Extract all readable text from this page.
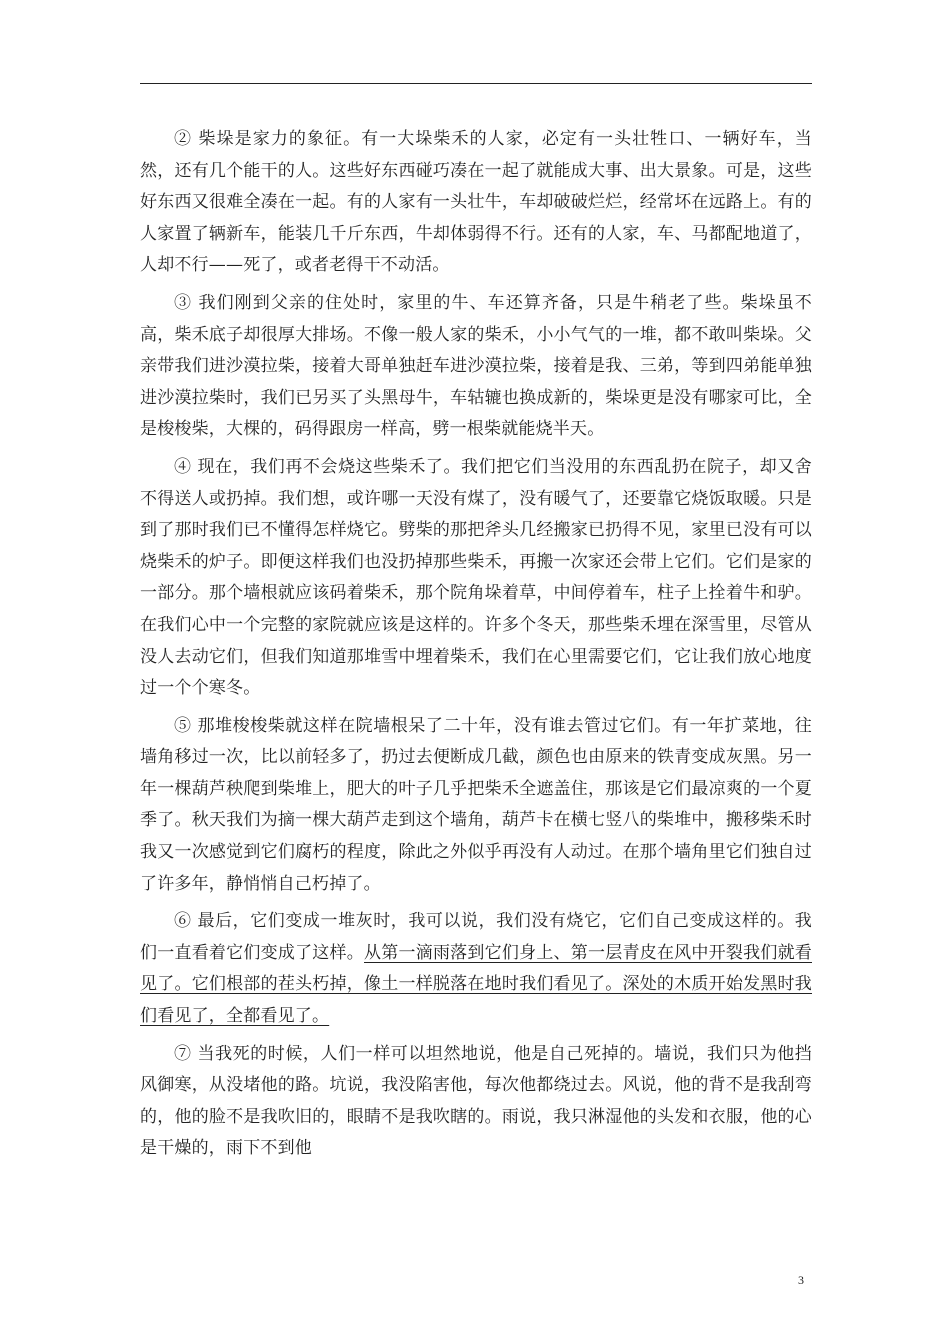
② 柴垛是家力的象征。有一大垛柴禾的人家，必定有一头壮牲口、一辆好车，当然，还有几个能干的人。这些好东西碰巧凑在一起了就能成大事、出大景象。可是，这些好东西又很难全凑在一起。有的人家有一头壮牛，车却破破烂烂，经常坏在远路上。有的人家置了辆新车，能装几千斤东西，牛却体弱得不行。还有的人家，车、马都配地道了，人却不行——死了，或者老得干不动活。

③ 我们刚到父亲的住处时，家里的牛、车还算齐备，只是牛稍老了些。柴垛虽不高，柴禾底子却很厚大排场。不像一般人家的柴禾，小小气气的一堆，都不敢叫柴垛。父亲带我们进沙漠拉柴，接着大哥单独赶车进沙漠拉柴，接着是我、三弟，等到四弟能单独进沙漠拉柴时，我们已另买了头黑母牛，车轱辘也换成新的，柴垛更是没有哪家可比，全是梭梭柴，大棵的，码得跟房一样高，劈一根柴就能烧半天。

④ 现在，我们再不会烧这些柴禾了。我们把它们当没用的东西乱扔在院子，却又舍不得送人或扔掉。我们想，或许哪一天没有煤了，没有暖气了，还要靠它烧饭取暖。只是到了那时我们已不懂得怎样烧它。劈柴的那把斧头几经搬家已扔得不见，家里已没有可以烧柴禾的炉子。即便这样我们也没扔掉那些柴禾，再搬一次家还会带上它们。它们是家的一部分。那个墙根就应该码着柴禾，那个院角垛着草，中间停着车，柱子上拴着牛和驴。在我们心中一个完整的家院就应该是这样的。许多个冬天，那些柴禾埋在深雪里，尽管从没人去动它们，但我们知道那堆雪中埋着柴禾，我们在心里需要它们，它让我们放心地度过一个个寒冬。

⑤ 那堆梭梭柴就这样在院墙根呆了二十年，没有谁去管过它们。有一年扩菜地，往墙角移过一次，比以前轻多了，扔过去便断成几截，颜色也由原来的铁青变成灰黑。另一年一棵葫芦秧爬到柴堆上，肥大的叶子几乎把柴禾全遮盖住，那该是它们最凉爽的一个夏季了。秋天我们为摘一棵大葫芦走到这个墙角，葫芦卡在横七竖八的柴堆中，搬移柴禾时我又一次感觉到它们腐朽的程度，除此之外似乎再没有人动过。在那个墙角里它们独自过了许多年，静悄悄自己朽掉了。

⑥ 最后，它们变成一堆灰时，我可以说，我们没有烧它，它们自己变成这样的。我们一直看着它们变成了这样。从第一滴雨落到它们身上、第一层青皮在风中开裂我们就看见了。它们根部的茬头朽掉，像土一样脱落在地时我们看见了。深处的木质开始发黑时我们看见了，全都看见了。

⑦ 当我死的时候，人们一样可以坦然地说，他是自己死掉的。墙说，我们只为他挡风御寒，从没堵他的路。坑说，我没陷害他，每次他都绕过去。风说，他的背不是我刮弯的，他的脸不是我吹旧的，眼睛不是我吹瞎的。雨说，我只淋湿他的头发和衣服，他的心是干燥的，雨下不到他

3
